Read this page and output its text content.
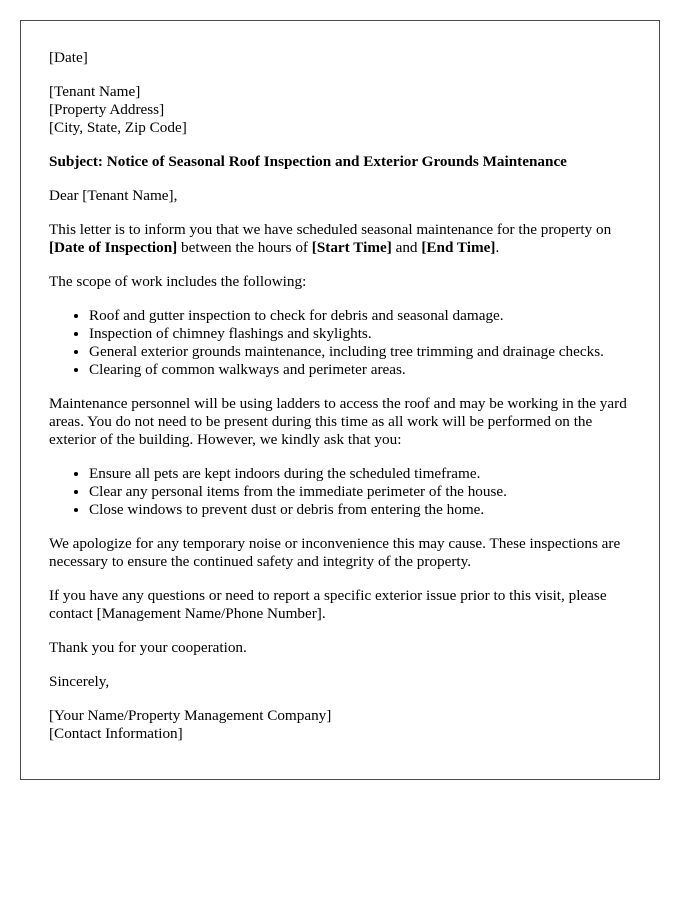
[Date]
[Tenant Name]
[Property Address]
[City, State, Zip Code]
Subject: Notice of Seasonal Roof Inspection and Exterior Grounds Maintenance
Dear [Tenant Name],
This letter is to inform you that we have scheduled seasonal maintenance for the property on [Date of Inspection] between the hours of [Start Time] and [End Time].
The scope of work includes the following:
• Roof and gutter inspection to check for debris and seasonal damage.
• Inspection of chimney flashings and skylights.
• General exterior grounds maintenance, including tree trimming and drainage checks.
• Clearing of common walkways and perimeter areas.
Maintenance personnel will be using ladders to access the roof and may be working in the yard areas. You do not need to be present during this time as all work will be performed on the exterior of the building. However, we kindly ask that you:
• Ensure all pets are kept indoors during the scheduled timeframe.
• Clear any personal items from the immediate perimeter of the house.
• Close windows to prevent dust or debris from entering the home.
We apologize for any temporary noise or inconvenience this may cause. These inspections are necessary to ensure the continued safety and integrity of the property.
If you have any questions or need to report a specific exterior issue prior to this visit, please contact [Management Name/Phone Number].
Thank you for your cooperation.
Sincerely,
[Your Name/Property Management Company]
[Contact Information]
